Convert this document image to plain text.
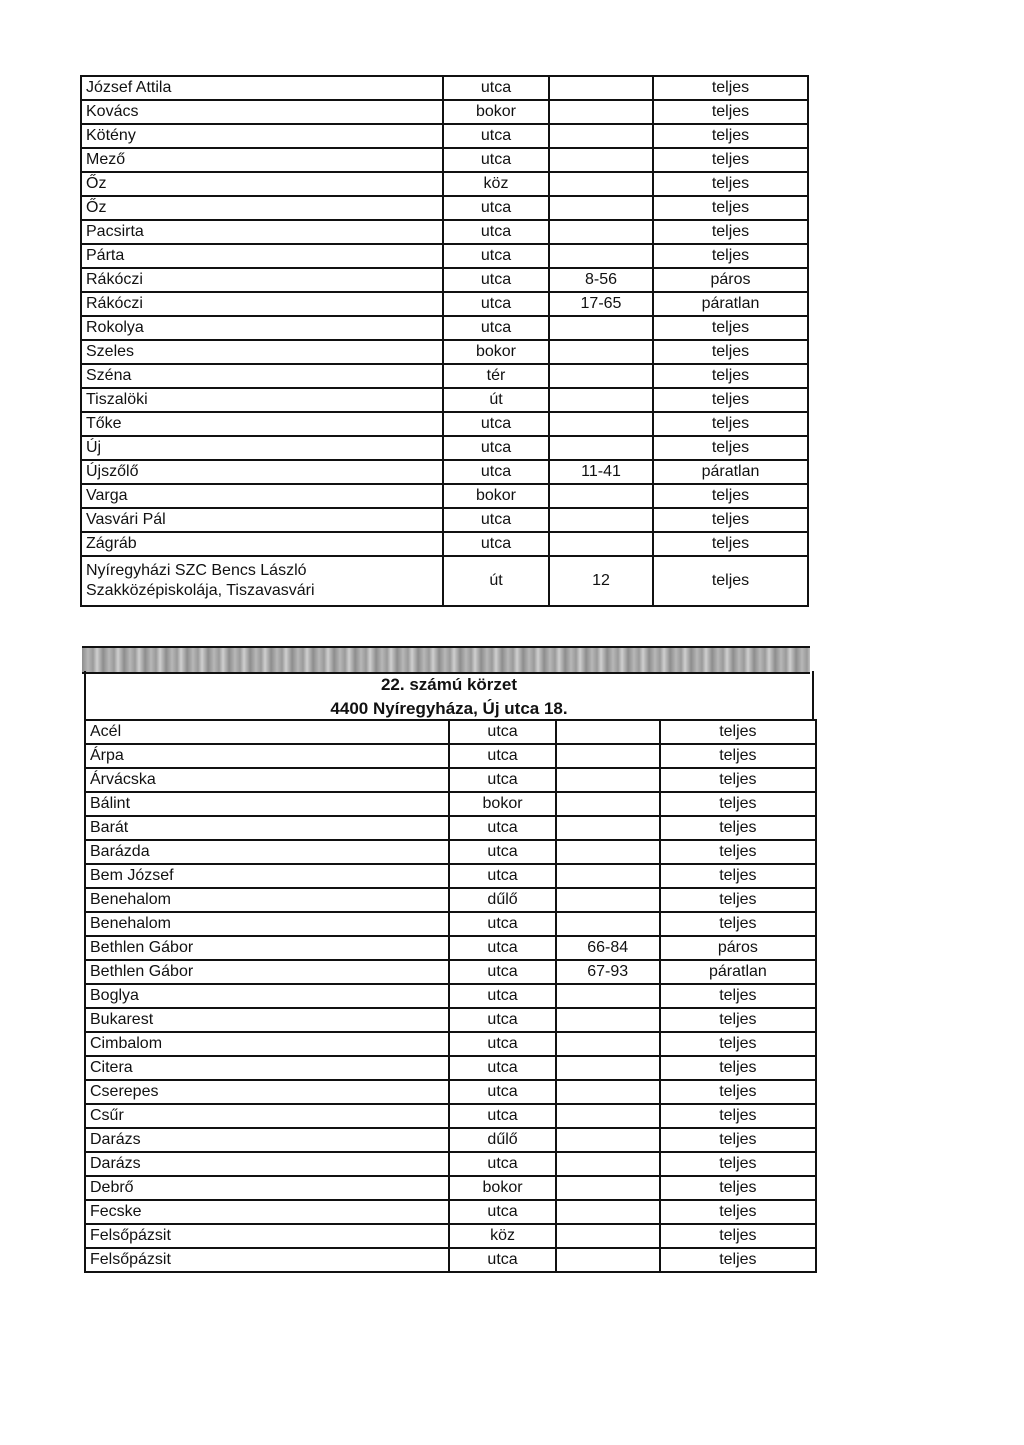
József Attila	utca		teljes
Kovács	bokor		teljes
Kötény	utca		teljes
Mező	utca		teljes
Őz	köz		teljes
Őz	utca		teljes
Pacsirta	utca		teljes
Párta	utca		teljes
Rákóczi	utca	8-56	páros
Rákóczi	utca	17-65	páratlan
Rokolya	utca		teljes
Szeles	bokor		teljes
Széna	tér		teljes
Tiszalöki	út		teljes
Tőke	utca		teljes
Új	utca		teljes
Újszőlő	utca	11-41	páratlan
Varga	bokor		teljes
Vasvári Pál	utca		teljes
Zágráb	utca		teljes
Nyíregyházi SZC Bencs László
Szakközépiskolája, Tiszavasvári	út	12	teljes
22. számú körzet
4400 Nyíregyháza, Új utca 18.
Acél	utca		teljes
Árpa	utca		teljes
Árvácska	utca		teljes
Bálint	bokor		teljes
Barát	utca		teljes
Barázda	utca		teljes
Bem József	utca		teljes
Benehalom	dűlő		teljes
Benehalom	utca		teljes
Bethlen Gábor	utca	66-84	páros
Bethlen Gábor	utca	67-93	páratlan
Boglya	utca		teljes
Bukarest	utca		teljes
Cimbalom	utca		teljes
Citera	utca		teljes
Cserepes	utca		teljes
Csűr	utca		teljes
Darázs	dűlő		teljes
Darázs	utca		teljes
Debrő	bokor		teljes
Fecske	utca		teljes
Felsőpázsit	köz		teljes
Felsőpázsit	utca		teljes
